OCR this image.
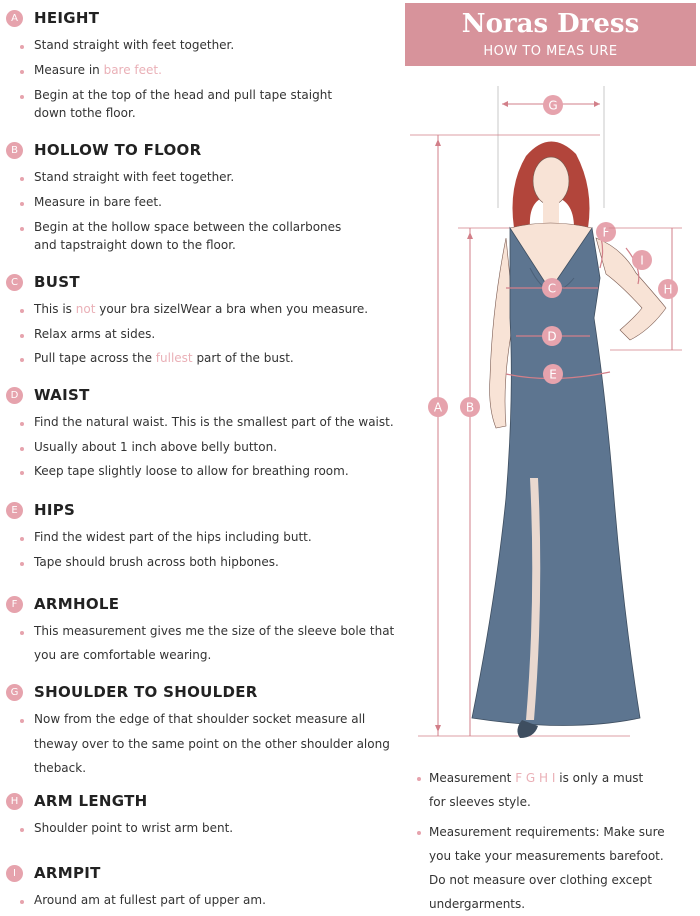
A	HEIGHT
Stand straight with feet together.
Measure in bare feet.
Begin at the top of the head and pull tape staight
down tothe floor.
B	HOLLOW TO FLOOR
Stand straight with feet together.
Measure in bare feet.
Begin at the hollow space between the collarbones
and tapstraight down to the floor.
C	BUST
This is not your bra sizelWear a bra when you measure.
Relax arms at sides.
Pull tape across the fullest part of the bust.
D	WAIST
Find the natural waist. This is the smallest part of the waist.
Usually about 1 inch above belly button.
Keep tape slightly loose to allow for breathing room.
E	HIPS
Find the widest part of the hips including butt.
Tape should brush across both hipbones.
F	ARMHOLE
This measurement gives me the size of the sleeve bole that
you are comfortable wearing.
G	SHOULDER TO SHOULDER
Now from the edge of that shoulder socket measure all
theway over to the same point on the other shoulder along
theback.
H	ARM LENGTH
Shoulder point to wrist arm bent.
I	ARMPIT
Around am at fullest part of upper am.
Noras Dress
HOW TO MEAS URE
G
C
D
E
F
I
H
A B
Measurement F G H I is only a must
for sleeves style.
Measurement requirements: Make sure
you take your measurements barefoot.
Do not measure over clothing except
undergarments.
